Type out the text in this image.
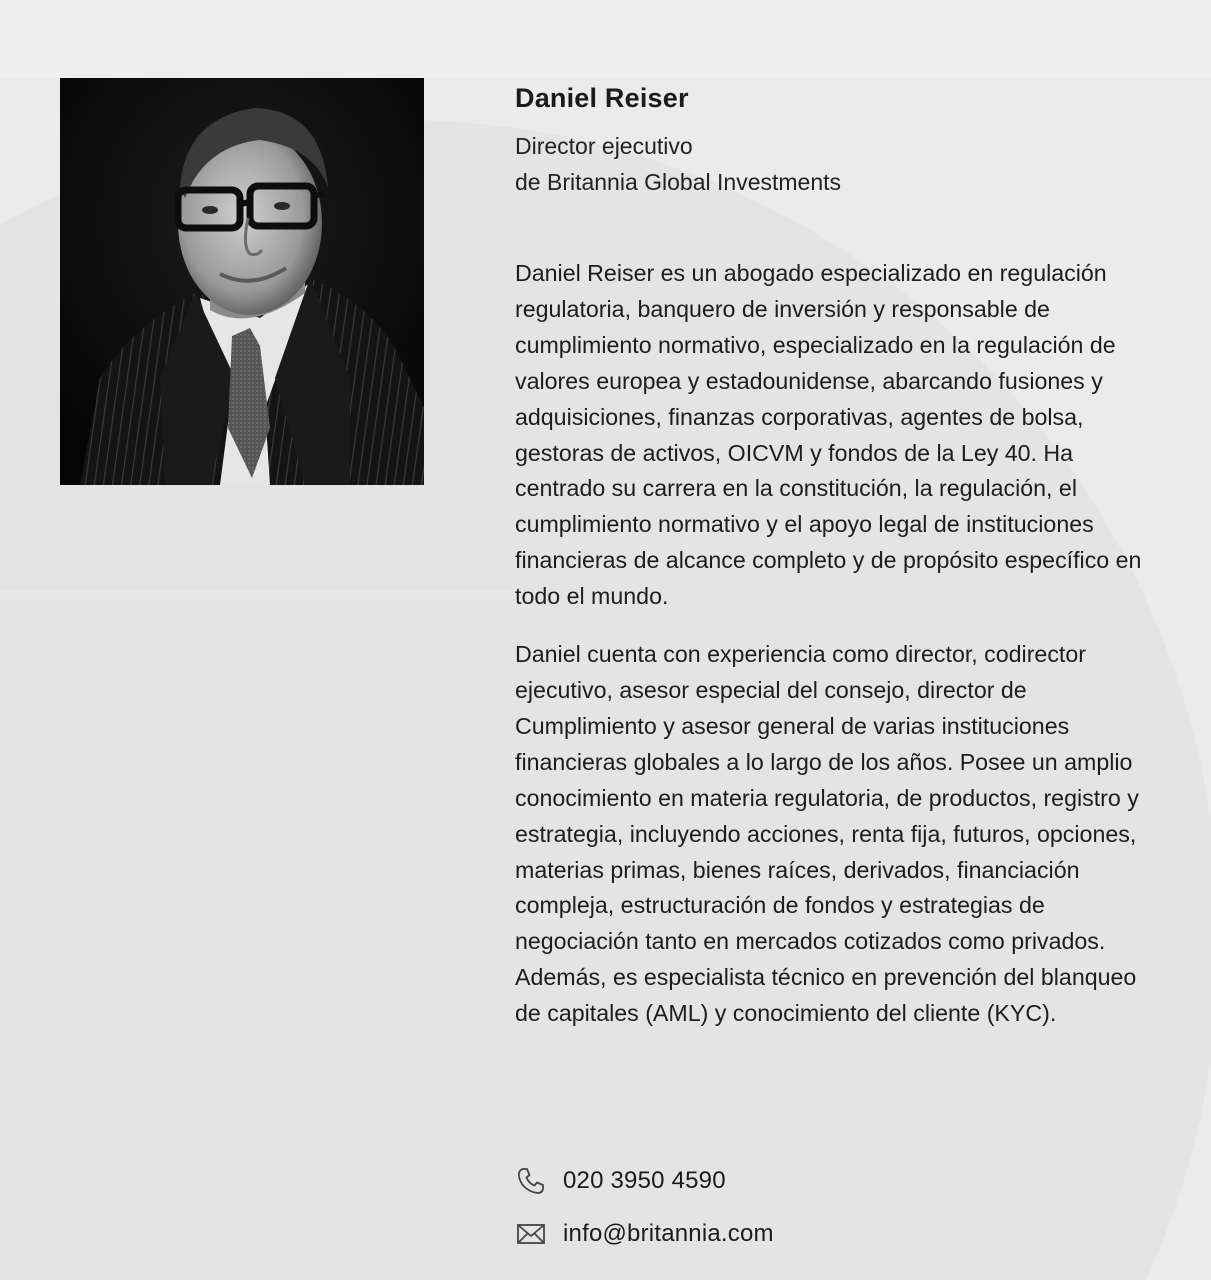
Daniel Reiser
Director ejecutivo
de Britannia Global Investments

Daniel Reiser es un abogado especializado en regulación regulatoria, banquero de inversión y responsable de cumplimiento normativo, especializado en la regulación de valores europea y estadounidense, abarcando fusiones y adquisiciones, finanzas corporativas, agentes de bolsa, gestoras de activos, OICVM y fondos de la Ley 40. Ha centrado su carrera en la constitución, la regulación, el cumplimiento normativo y el apoyo legal de instituciones financieras de alcance completo y de propósito específico en todo el mundo.

Daniel cuenta con experiencia como director, codirector ejecutivo, asesor especial del consejo, director de Cumplimiento y asesor general de varias instituciones financieras globales a lo largo de los años. Posee un amplio conocimiento en materia regulatoria, de productos, registro y estrategia, incluyendo acciones, renta fija, futuros, opciones, materias primas, bienes raíces, derivados, financiación compleja, estructuración de fondos y estrategias de negociación tanto en mercados cotizados como privados. Además, es especialista técnico en prevención del blanqueo de capitales (AML) y conocimiento del cliente (KYC).

020 3950 4590
info@britannia.com
